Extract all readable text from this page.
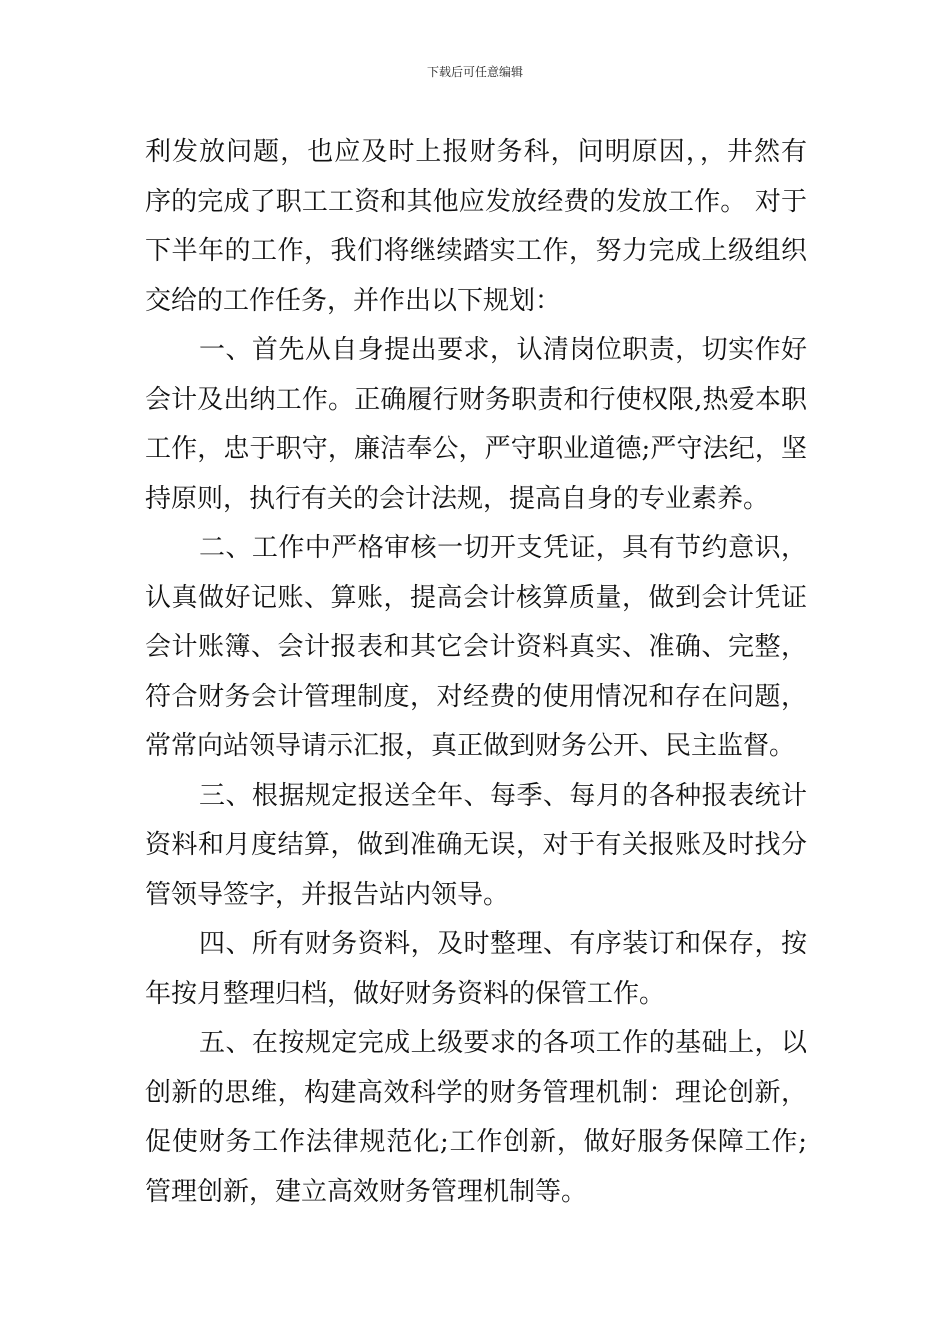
下载后可任意编辑
利发放问题，也应及时上报财务科，问明原因，，井然有
序的完成了职工工资和其他应发放经费的发放工作。 对于
下半年的工作，我们将继续踏实工作，努力完成上级组织
交给的工作任务，并作出以下规划：
一、首先从自身提出要求，认清岗位职责，切实作好
会计及出纳工作。正确履行财务职责和行使权限,热爱本职
工作，忠于职守，廉洁奉公，严守职业道德;严守法纪，坚
持原则，执行有关的会计法规，提高自身的专业素养。
二、工作中严格审核一切开支凭证，具有节约意识，
认真做好记账、算账，提高会计核算质量，做到会计凭证
会计账簿、会计报表和其它会计资料真实、准确、完整，
符合财务会计管理制度，对经费的使用情况和存在问题，
常常向站领导请示汇报，真正做到财务公开、民主监督。
三、根据规定报送全年、每季、每月的各种报表统计
资料和月度结算，做到准确无误，对于有关报账及时找分
管领导签字，并报告站内领导。
四、所有财务资料，及时整理、有序装订和保存，按
年按月整理归档，做好财务资料的保管工作。
五、在按规定完成上级要求的各项工作的基础上，以
创新的思维，构建高效科学的财务管理机制：理论创新，
促使财务工作法律规范化;工作创新，做好服务保障工作;
管理创新，建立高效财务管理机制等。
